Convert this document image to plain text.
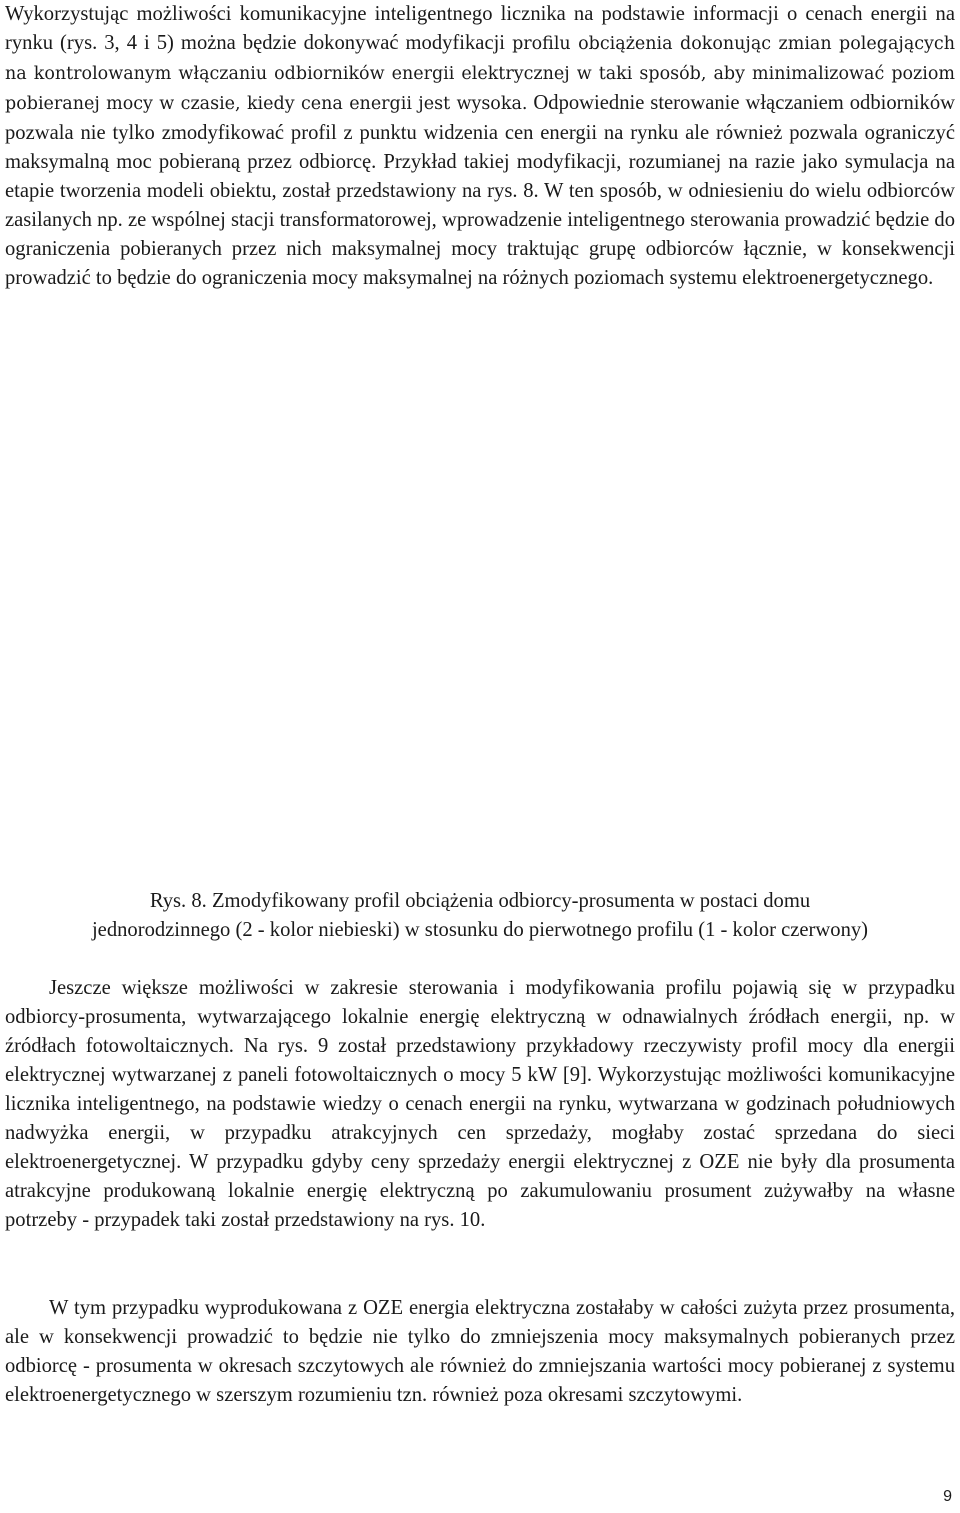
Wykorzystując możliwości komunikacyjne inteligentnego licznika na podstawie informacji o cenach energii na rynku (rys. 3, 4 i 5) można będzie dokonywać modyfikacji profilu obciążenia dokonując zmian polegających na kontrolowanym włączaniu odbiorników energii elektrycznej w taki sposób, aby minimalizować poziom pobieranej mocy w czasie, kiedy cena energii jest wysoka. Odpowiednie sterowanie włączaniem odbiorników pozwala nie tylko zmodyfikować profil z punktu widzenia cen energii na rynku ale również pozwala ograniczyć maksymalną moc pobieraną przez odbiorcę. Przykład takiej modyfikacji, rozumianej na razie jako symulacja na etapie tworzenia modeli obiektu, został przedstawiony na rys. 8. W ten sposób, w odniesieniu do wielu odbiorców zasilanych np. ze wspólnej stacji transformatorowej, wprowadzenie inteligentnego sterowania prowadzić będzie do ograniczenia pobieranych przez nich maksymalnej mocy traktując grupę odbiorców łącznie, w konsekwencji prowadzić to będzie do ograniczenia mocy maksymalnej na różnych poziomach systemu elektroenergetycznego.

Rys. 8. Zmodyfikowany profil obciążenia odbiorcy-prosumenta w postaci domu
jednorodzinnego (2 - kolor niebieski) w stosunku do pierwotnego profilu (1 - kolor czerwony)

Jeszcze większe możliwości w zakresie sterowania i modyfikowania profilu pojawią się w przypadku odbiorcy-prosumenta, wytwarzającego lokalnie energię elektryczną w odnawialnych źródłach energii, np. w źródłach fotowoltaicznych. Na rys. 9 został przedstawiony przykładowy rzeczywisty profil mocy dla energii elektrycznej wytwarzanej z paneli fotowoltaicznych o mocy 5 kW [9]. Wykorzystując możliwości komunikacyjne licznika inteligentnego, na podstawie wiedzy o cenach energii na rynku, wytwarzana w godzinach południowych nadwyżka energii, w przypadku atrakcyjnych cen sprzedaży, mogłaby zostać sprzedana do sieci elektroenergetycznej. W przypadku gdyby ceny sprzedaży energii elektrycznej z OZE nie były dla prosumenta atrakcyjne produkowaną lokalnie energię elektryczną po zakumulowaniu prosument zużywałby na własne potrzeby - przypadek taki został przedstawiony na rys. 10.

W tym przypadku wyprodukowana z OZE energia elektryczna zostałaby w całości zużyta przez prosumenta, ale w konsekwencji prowadzić to będzie nie tylko do zmniejszenia mocy maksymalnych pobieranych przez odbiorcę - prosumenta w okresach szczytowych ale również do zmniejszania wartości mocy pobieranej z systemu elektroenergetycznego w szerszym rozumieniu tzn. również poza okresami szczytowymi.

9
